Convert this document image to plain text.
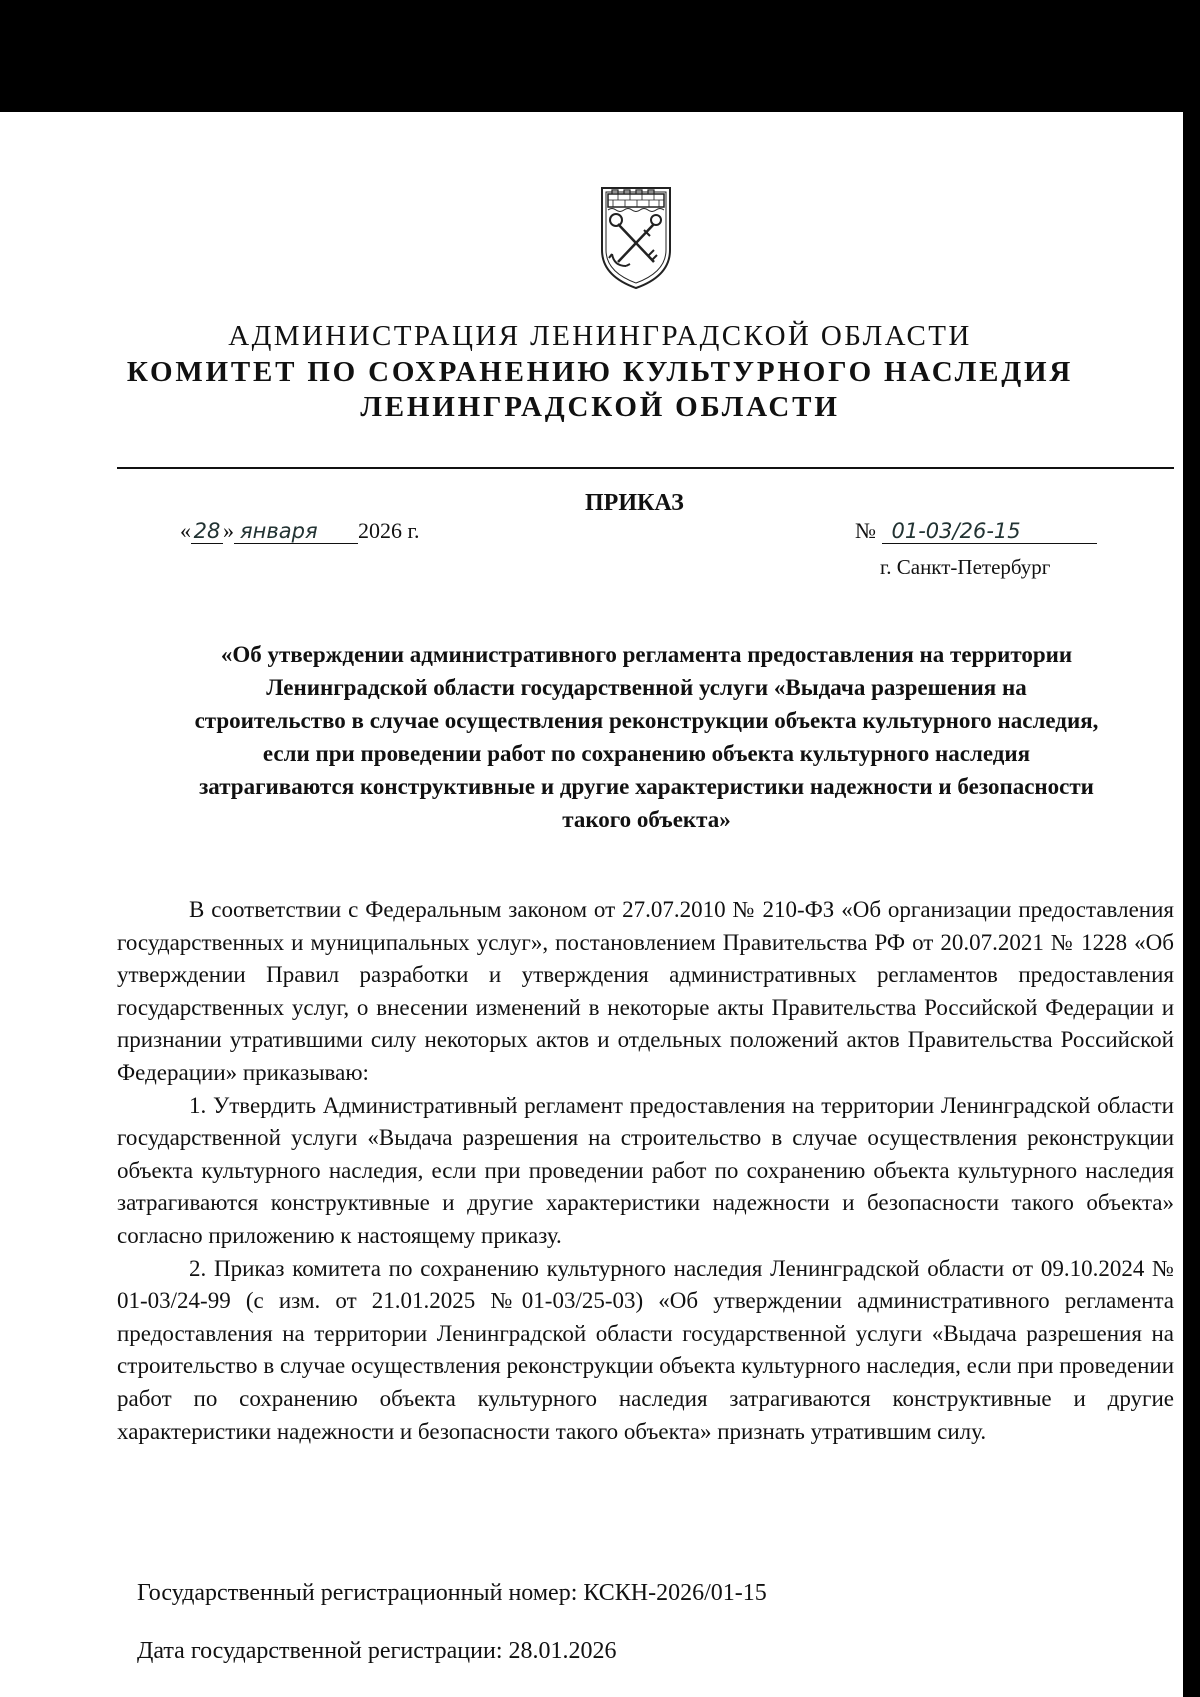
АДМИНИСТРАЦИЯ ЛЕНИНГРАДСКОЙ ОБЛАСТИ
КОМИТЕТ ПО СОХРАНЕНИЮ КУЛЬТУРНОГО НАСЛЕДИЯ
ЛЕНИНГРАДСКОЙ ОБЛАСТИ
ПРИКАЗ
« 28 » января 2026 г.	№ 01-03/26-15
г. Санкт-Петербург
«Об утверждении административного регламента предоставления на территории
Ленинградской области государственной услуги «Выдача разрешения на
строительство в случае осуществления реконструкции объекта культурного наследия,
если при проведении работ по сохранению объекта культурного наследия
затрагиваются конструктивные и другие характеристики надежности и безопасности
такого объекта»

В соответствии с Федеральным законом от 27.07.2010 № 210-ФЗ «Об организации предоставления государственных и муниципальных услуг», постановлением Правительства РФ от 20.07.2021 № 1228 «Об утверждении Правил разработки и утверждения административных регламентов предоставления государственных услуг, о внесении изменений в некоторые акты Правительства Российской Федерации и признании утратившими силу некоторых актов и отдельных положений актов Правительства Российской Федерации» приказываю:

1. Утвердить Административный регламент предоставления на территории Ленинградской области государственной услуги «Выдача разрешения на строительство в случае осуществления реконструкции объекта культурного наследия, если при проведении работ по сохранению объекта культурного наследия затрагиваются конструктивные и другие характеристики надежности и безопасности такого объекта» согласно приложению к настоящему приказу.

2. Приказ комитета по сохранению культурного наследия Ленинградской области от 09.10.2024 № 01-03/24-99 (с изм. от 21.01.2025 №01-03/25-03) «Об утверждении административного регламента предоставления на территории Ленинградской области государственной услуги «Выдача разрешения на строительство в случае осуществления реконструкции объекта культурного наследия, если при проведении работ по сохранению объекта культурного наследия затрагиваются конструктивные и другие характеристики надежности и безопасности такого объекта» признать утратившим силу.

Государственный регистрационный номер: КСКН-2026/01-15
Дата государственной регистрации: 28.01.2026
